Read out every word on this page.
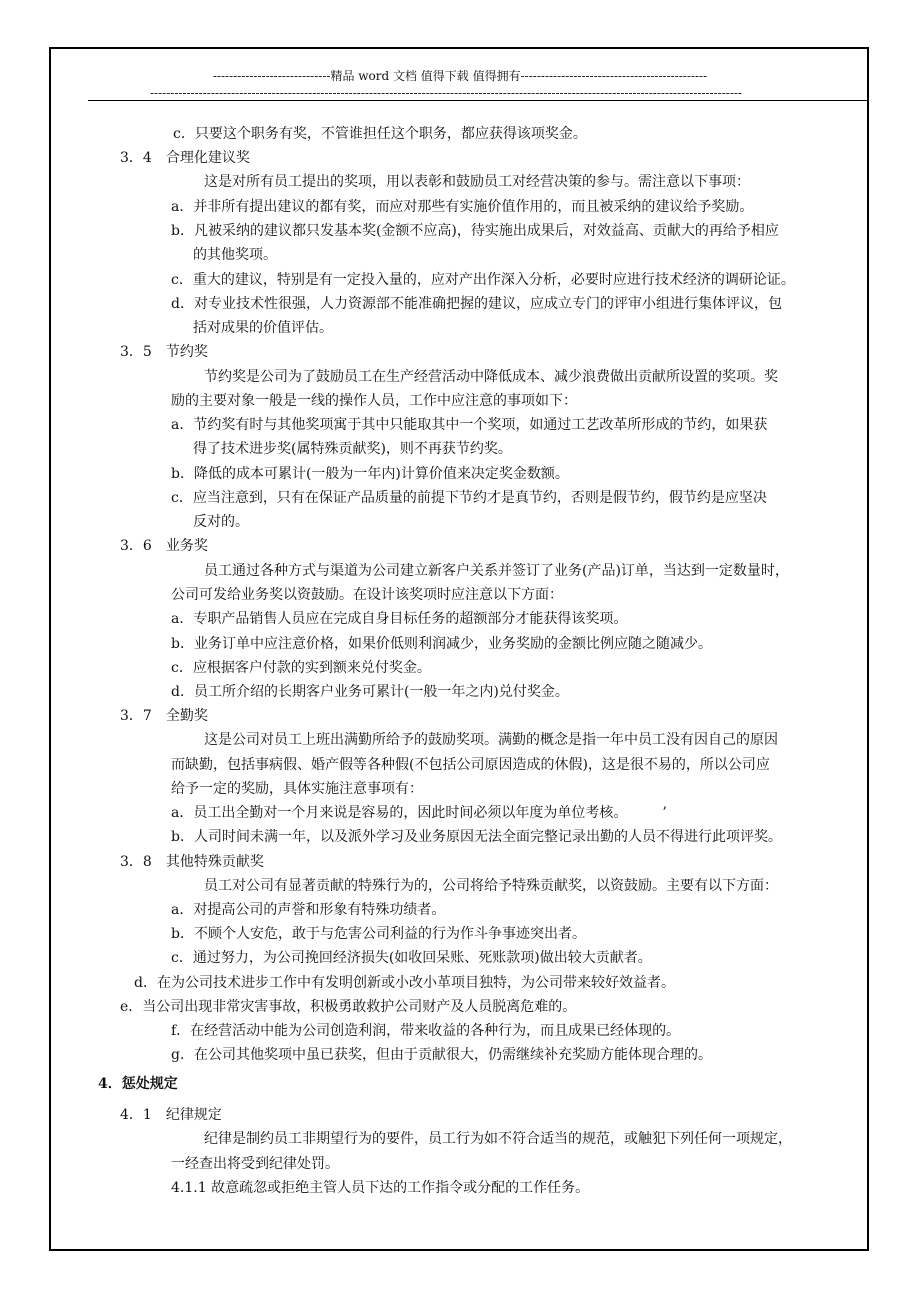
-----------------------------精品 word 文档 值得下载 值得拥有----------------------------------------------
--------------------------------------------------------------------------------------------------------------------------------------------------
c．只要这个职务有奖，不管谁担任这个职务，都应获得该项奖金。
3．4　合理化建议奖
这是对所有员工提出的奖项，用以表彰和鼓励员工对经营决策的参与。需注意以下事项：
a．并非所有提出建议的都有奖，而应对那些有实施价值作用的，而且被采纳的建议给予奖励。
b．凡被采纳的建议都只发基本奖(金额不应高)，待实施出成果后，对效益高、贡献大的再给予相应
的其他奖项。
c．重大的建议，特别是有一定投入量的，应对产出作深入分析，必要时应进行技术经济的调研论证。
d．对专业技术性很强，人力资源部不能准确把握的建议，应成立专门的评审小组进行集体评议，包
括对成果的价值评估。
3．5　节约奖
节约奖是公司为了鼓励员工在生产经营活动中降低成本、减少浪费做出贡献所设置的奖项。奖
励的主要对象一般是一线的操作人员，工作中应注意的事项如下：
a．节约奖有时与其他奖项寓于其中只能取其中一个奖项，如通过工艺改革所形成的节约，如果获
得了技术进步奖(属特殊贡献奖)，则不再获节约奖。
b．降低的成本可累计(一般为一年内)计算价值来决定奖金数额。
c．应当注意到，只有在保证产品质量的前提下节约才是真节约，否则是假节约，假节约是应坚决
反对的。
3．6　业务奖
员工通过各种方式与渠道为公司建立新客户关系并签订了业务(产品)订单，当达到一定数量时，
公司可发给业务奖以资鼓励。在设计该奖项时应注意以下方面：
a．专职产品销售人员应在完成自身目标任务的超额部分才能获得该奖项。
b．业务订单中应注意价格，如果价低则利润减少，业务奖励的金额比例应随之随减少。
c．应根据客户付款的实到额来兑付奖金。
d．员工所介绍的长期客户业务可累计(一般一年之内)兑付奖金。
3．7　全勤奖
这是公司对员工上班出满勤所给予的鼓励奖项。满勤的概念是指一年中员工没有因自己的原因
而缺勤，包括事病假、婚产假等各种假(不包括公司原因造成的休假)，这是很不易的，所以公司应
给予一定的奖励，具体实施注意事项有：
a．员工出全勤对一个月来说是容易的，因此时间必须以年度为单位考核。　　　’
b．人司时间未满一年，以及派外学习及业务原因无法全面完整记录出勤的人员不得进行此项评奖。
3．8　其他特殊贡献奖
员工对公司有显著贡献的特殊行为的，公司将给予特殊贡献奖，以资鼓励。主要有以下方面：
a．对提高公司的声誉和形象有特殊功绩者。
b．不顾个人安危，敢于与危害公司利益的行为作斗争事迹突出者。
c．通过努力，为公司挽回经济损失(如收回呆账、死账款项)做出较大贡献者。
d．在为公司技术进步工作中有发明创新或小改小革项目独特，为公司带来较好效益者。
e．当公司出现非常灾害事故，积极勇敢救护公司财产及人员脱离危难的。
f．在经营活动中能为公司创造利润，带来收益的各种行为，而且成果已经体现的。
g．在公司其他奖项中虽已获奖，但由于贡献很大，仍需继续补充奖励方能体现合理的。
4．惩处规定
4．1　纪律规定
纪律是制约员工非期望行为的要件，员工行为如不符合适当的规范，或触犯下列任何一项规定，
一经查出将受到纪律处罚。
4.1.1 故意疏忽或拒绝主管人员下达的工作指令或分配的工作任务。
